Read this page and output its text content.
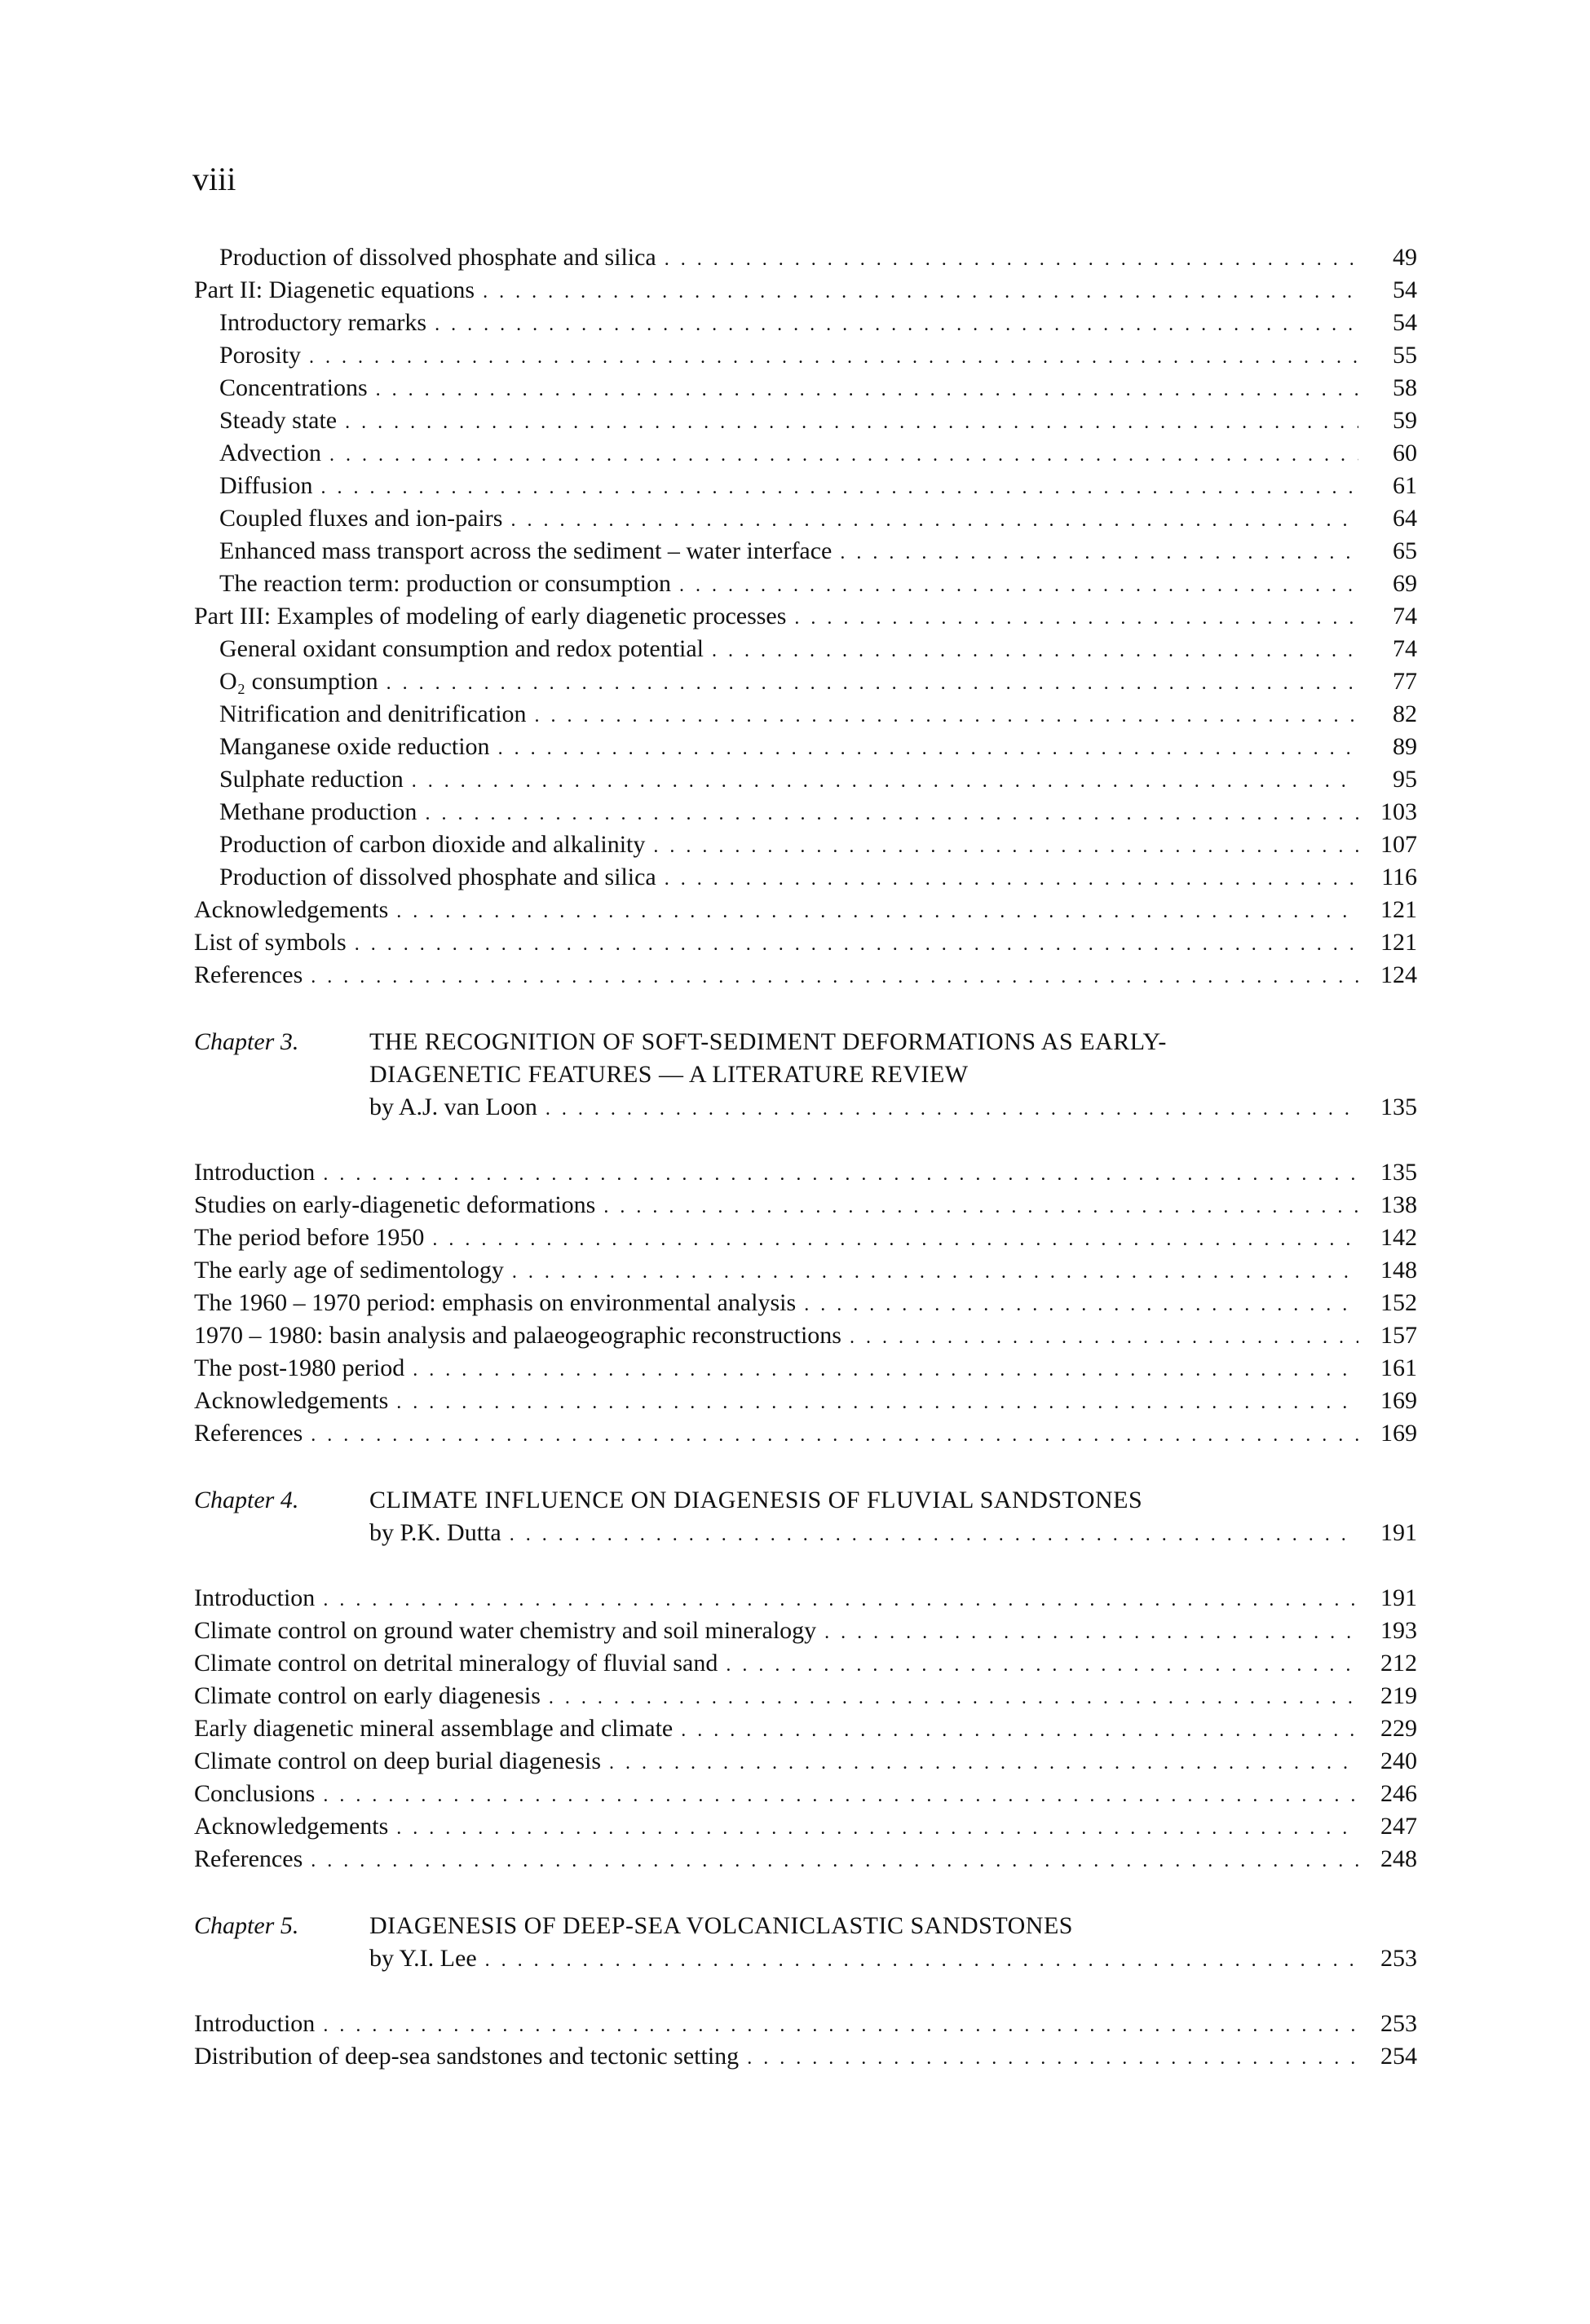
viii
Production of dissolved phosphate and silica . . .	49
Part II: Diagenetic equations . . .	54
Introductory remarks . . .	54
Porosity . . .	55
Concentrations . . .	58
Steady state . . .	59
Advection . . .	60
Diffusion . . .	61
Coupled fluxes and ion-pairs . . .	64
Enhanced mass transport across the sediment – water interface . . .	65
The reaction term: production or consumption . . .	69
Part III: Examples of modeling of early diagenetic processes . . .	74
General oxidant consumption and redox potential . . .	74
O₂ consumption . . .	77
Nitrification and denitrification . . .	82
Manganese oxide reduction . . .	89
Sulphate reduction . . .	95
Methane production . . .	103
Production of carbon dioxide and alkalinity . . .	107
Production of dissolved phosphate and silica . . .	116
Acknowledgements . . .	121
List of symbols . . .	121
References . . .	124
Chapter 3.	THE RECOGNITION OF SOFT-SEDIMENT DEFORMATIONS AS EARLY-
DIAGENETIC FEATURES — A LITERATURE REVIEW
by A.J. van Loon . . .	135
Introduction . . .	135
Studies on early-diagenetic deformations . . .	138
The period before 1950 . . .	142
The early age of sedimentology . . .	148
The 1960 – 1970 period: emphasis on environmental analysis . . .	152
1970 – 1980: basin analysis and palaeogeographic reconstructions . . .	157
The post-1980 period . . .	161
Acknowledgements . . .	169
References . . .	169
Chapter 4.	CLIMATE INFLUENCE ON DIAGENESIS OF FLUVIAL SANDSTONES
by P.K. Dutta . . .	191
Introduction . . .	191
Climate control on ground water chemistry and soil mineralogy . . .	193
Climate control on detrital mineralogy of fluvial sand . . .	212
Climate control on early diagenesis . . .	219
Early diagenetic mineral assemblage and climate . . .	229
Climate control on deep burial diagenesis . . .	240
Conclusions . . .	246
Acknowledgements . . .	247
References . . .	248
Chapter 5.	DIAGENESIS OF DEEP-SEA VOLCANICLASTIC SANDSTONES
by Y.I. Lee . . .	253
Introduction . . .	253
Distribution of deep-sea sandstones and tectonic setting . . .	254
